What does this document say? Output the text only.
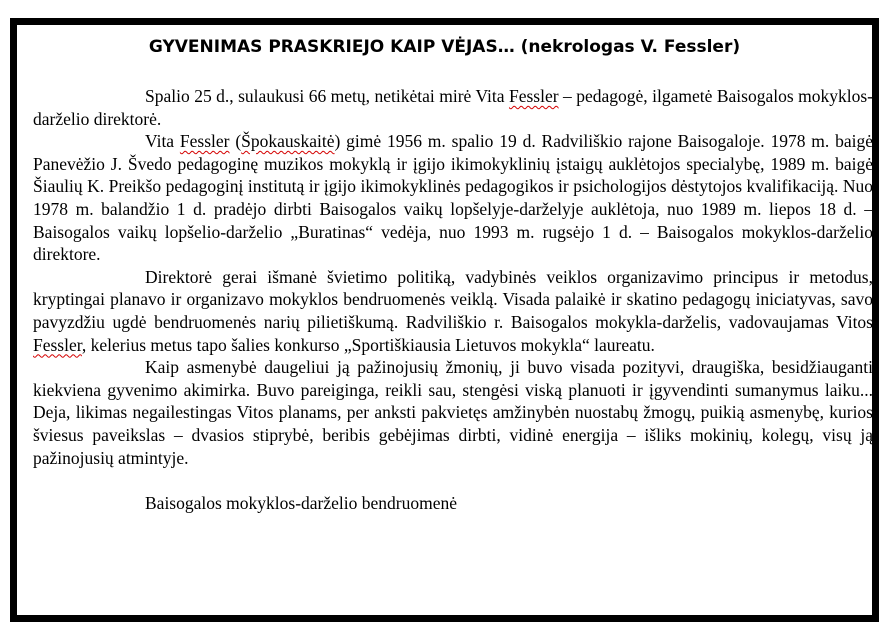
GYVENIMAS PRASKRIEJO KAIP VĖJAS… (nekrologas V. Fessler)

Spalio 25 d., sulaukusi 66 metų, netikėtai mirė Vita Fessler – pedagogė, ilgametė Baisogalos mokyklos-darželio direktorė.

Vita Fessler (Špokauskaitė) gimė 1956 m. spalio 19 d. Radviliškio rajone Baisogaloje. 1978 m. baigė Panevėžio J. Švedo pedagoginę muzikos mokyklą ir įgijo ikimokyklinių įstaigų auklėtojos specialybę, 1989 m. baigė Šiaulių K. Preikšo pedagoginį institutą ir įgijo ikimokyklinės pedagogikos ir psichologijos dėstytojos kvalifikaciją. Nuo 1978 m. balandžio 1 d. pradėjo dirbti Baisogalos vaikų lopšelyje-darželyje auklėtoja, nuo 1989 m. liepos 18 d. – Baisogalos vaikų lopšelio-darželio „Buratinas“ vedėja, nuo 1993 m. rugsėjo 1 d. – Baisogalos mokyklos-darželio direktore.

Direktorė gerai išmanė švietimo politiką, vadybinės veiklos organizavimo principus ir metodus, kryptingai planavo ir organizavo mokyklos bendruomenės veiklą. Visada palaikė ir skatino pedagogų iniciatyvas, savo pavyzdžiu ugdė bendruomenės narių pilietiškumą. Radviliškio r. Baisogalos mokykla-darželis, vadovaujamas Vitos Fessler, kelerius metus tapo šalies konkurso „Sportiškiausia Lietuvos mokykla“ laureatu.

Kaip asmenybė daugeliui ją pažinojusių žmonių, ji buvo visada pozityvi, draugiška, besidžiauganti kiekviena gyvenimo akimirka. Buvo pareiginga, reikli sau, stengėsi viską planuoti ir įgyvendinti sumanymus laiku... Deja, likimas negailestingas Vitos planams, per anksti pakvietęs amžinybėn nuostabų žmogų, puikią asmenybę, kurios šviesus paveikslas – dvasios stiprybė, beribis gebėjimas dirbti, vidinė energija – išliks mokinių, kolegų, visų ją pažinojusių atmintyje.

Baisogalos mokyklos-darželio bendruomenė
